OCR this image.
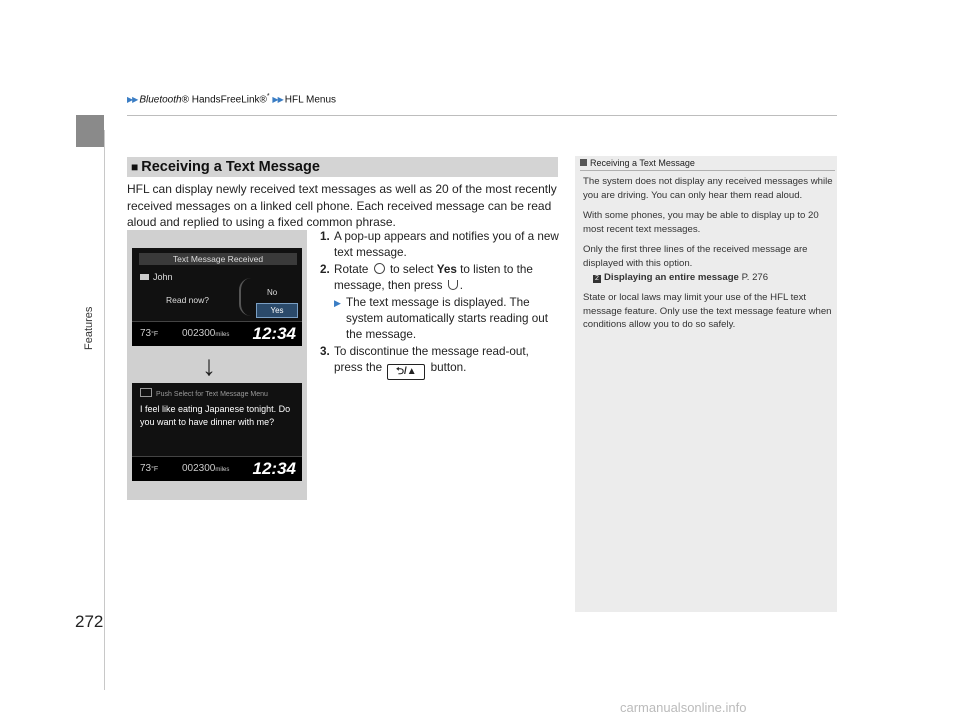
▶▶ Bluetooth® HandsFreeLink®* ▶▶ HFL Menus
Features
■ Receiving a Text Message
HFL can display newly received text messages as well as 20 of the most recently received messages on a linked cell phone. Each received message can be read aloud and replied to using a fixed common phrase.
Text Message Received
John
Read now?
No
Yes
73°F 002300miles 12:34
Push Select for Text Message Menu
I feel like eating Japanese tonight. Do you want to have dinner with me?
73°F 002300miles 12:34
↓
1. A pop-up appears and notifies you of a new text message.
2. Rotate to select Yes to listen to the message, then press .
▶ The text message is displayed. The system automatically starts reading out the message.
3. To discontinue the message read-out, press the ⮌/▲ button.
Receiving a Text Message

The system does not display any received messages while you are driving. You can only hear them read aloud.

With some phones, you may be able to display up to 20 most recent text messages.

Only the first three lines of the received message are displayed with this option.

2 Displaying an entire message P. 276

State or local laws may limit your use of the HFL text message feature. Only use the text message feature when conditions allow you to do so safely.

272
carmanualsonline.info
